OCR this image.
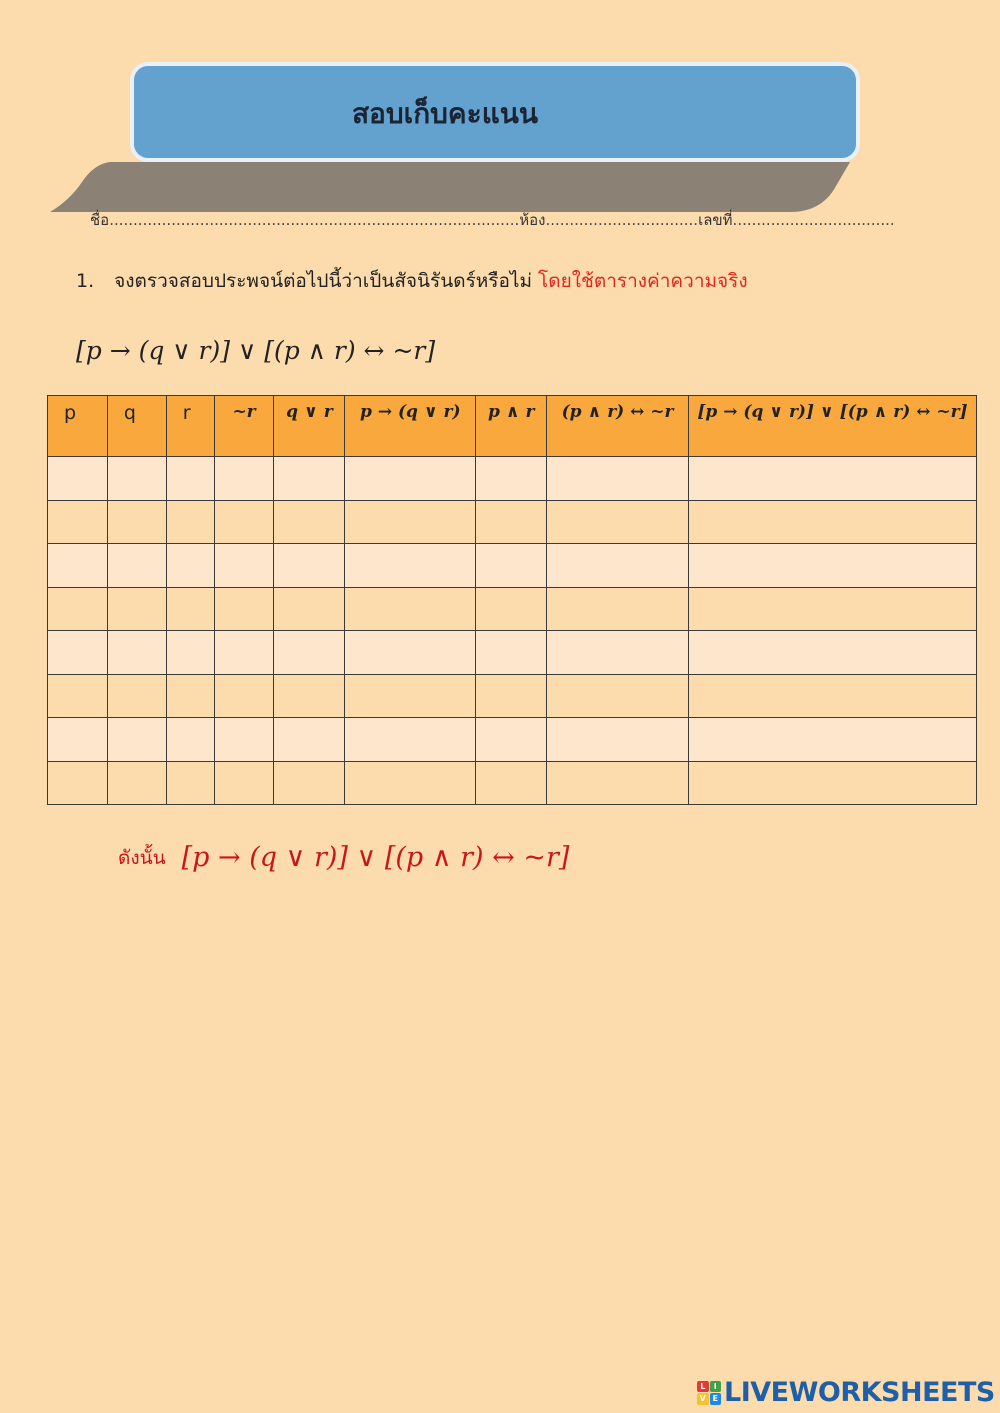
สอบเก็บคะแนน
ชื่อ......................................................................................ห้อง................................เลขที่..................................
1. จงตรวจสอบประพจน์ต่อไปนี้ว่าเป็นสัจนิรันดร์หรือไม่ โดยใช้ตารางค่าความจริง
[p → (q ∨ r)] ∨ [(p ∧ r) ↔ ~r]
p	q	r	~r	q ∨ r	p → (q ∨ r)	p ∧ r	(p ∧ r) ↔ ~r	[p → (q ∨ r)] ∨ [(p ∧ r) ↔ ~r]

ดังนั้น [p → (q ∨ r)] ∨ [(p ∧ r) ↔ ~r]
L	I
V E LIVEWORKSHEETS
